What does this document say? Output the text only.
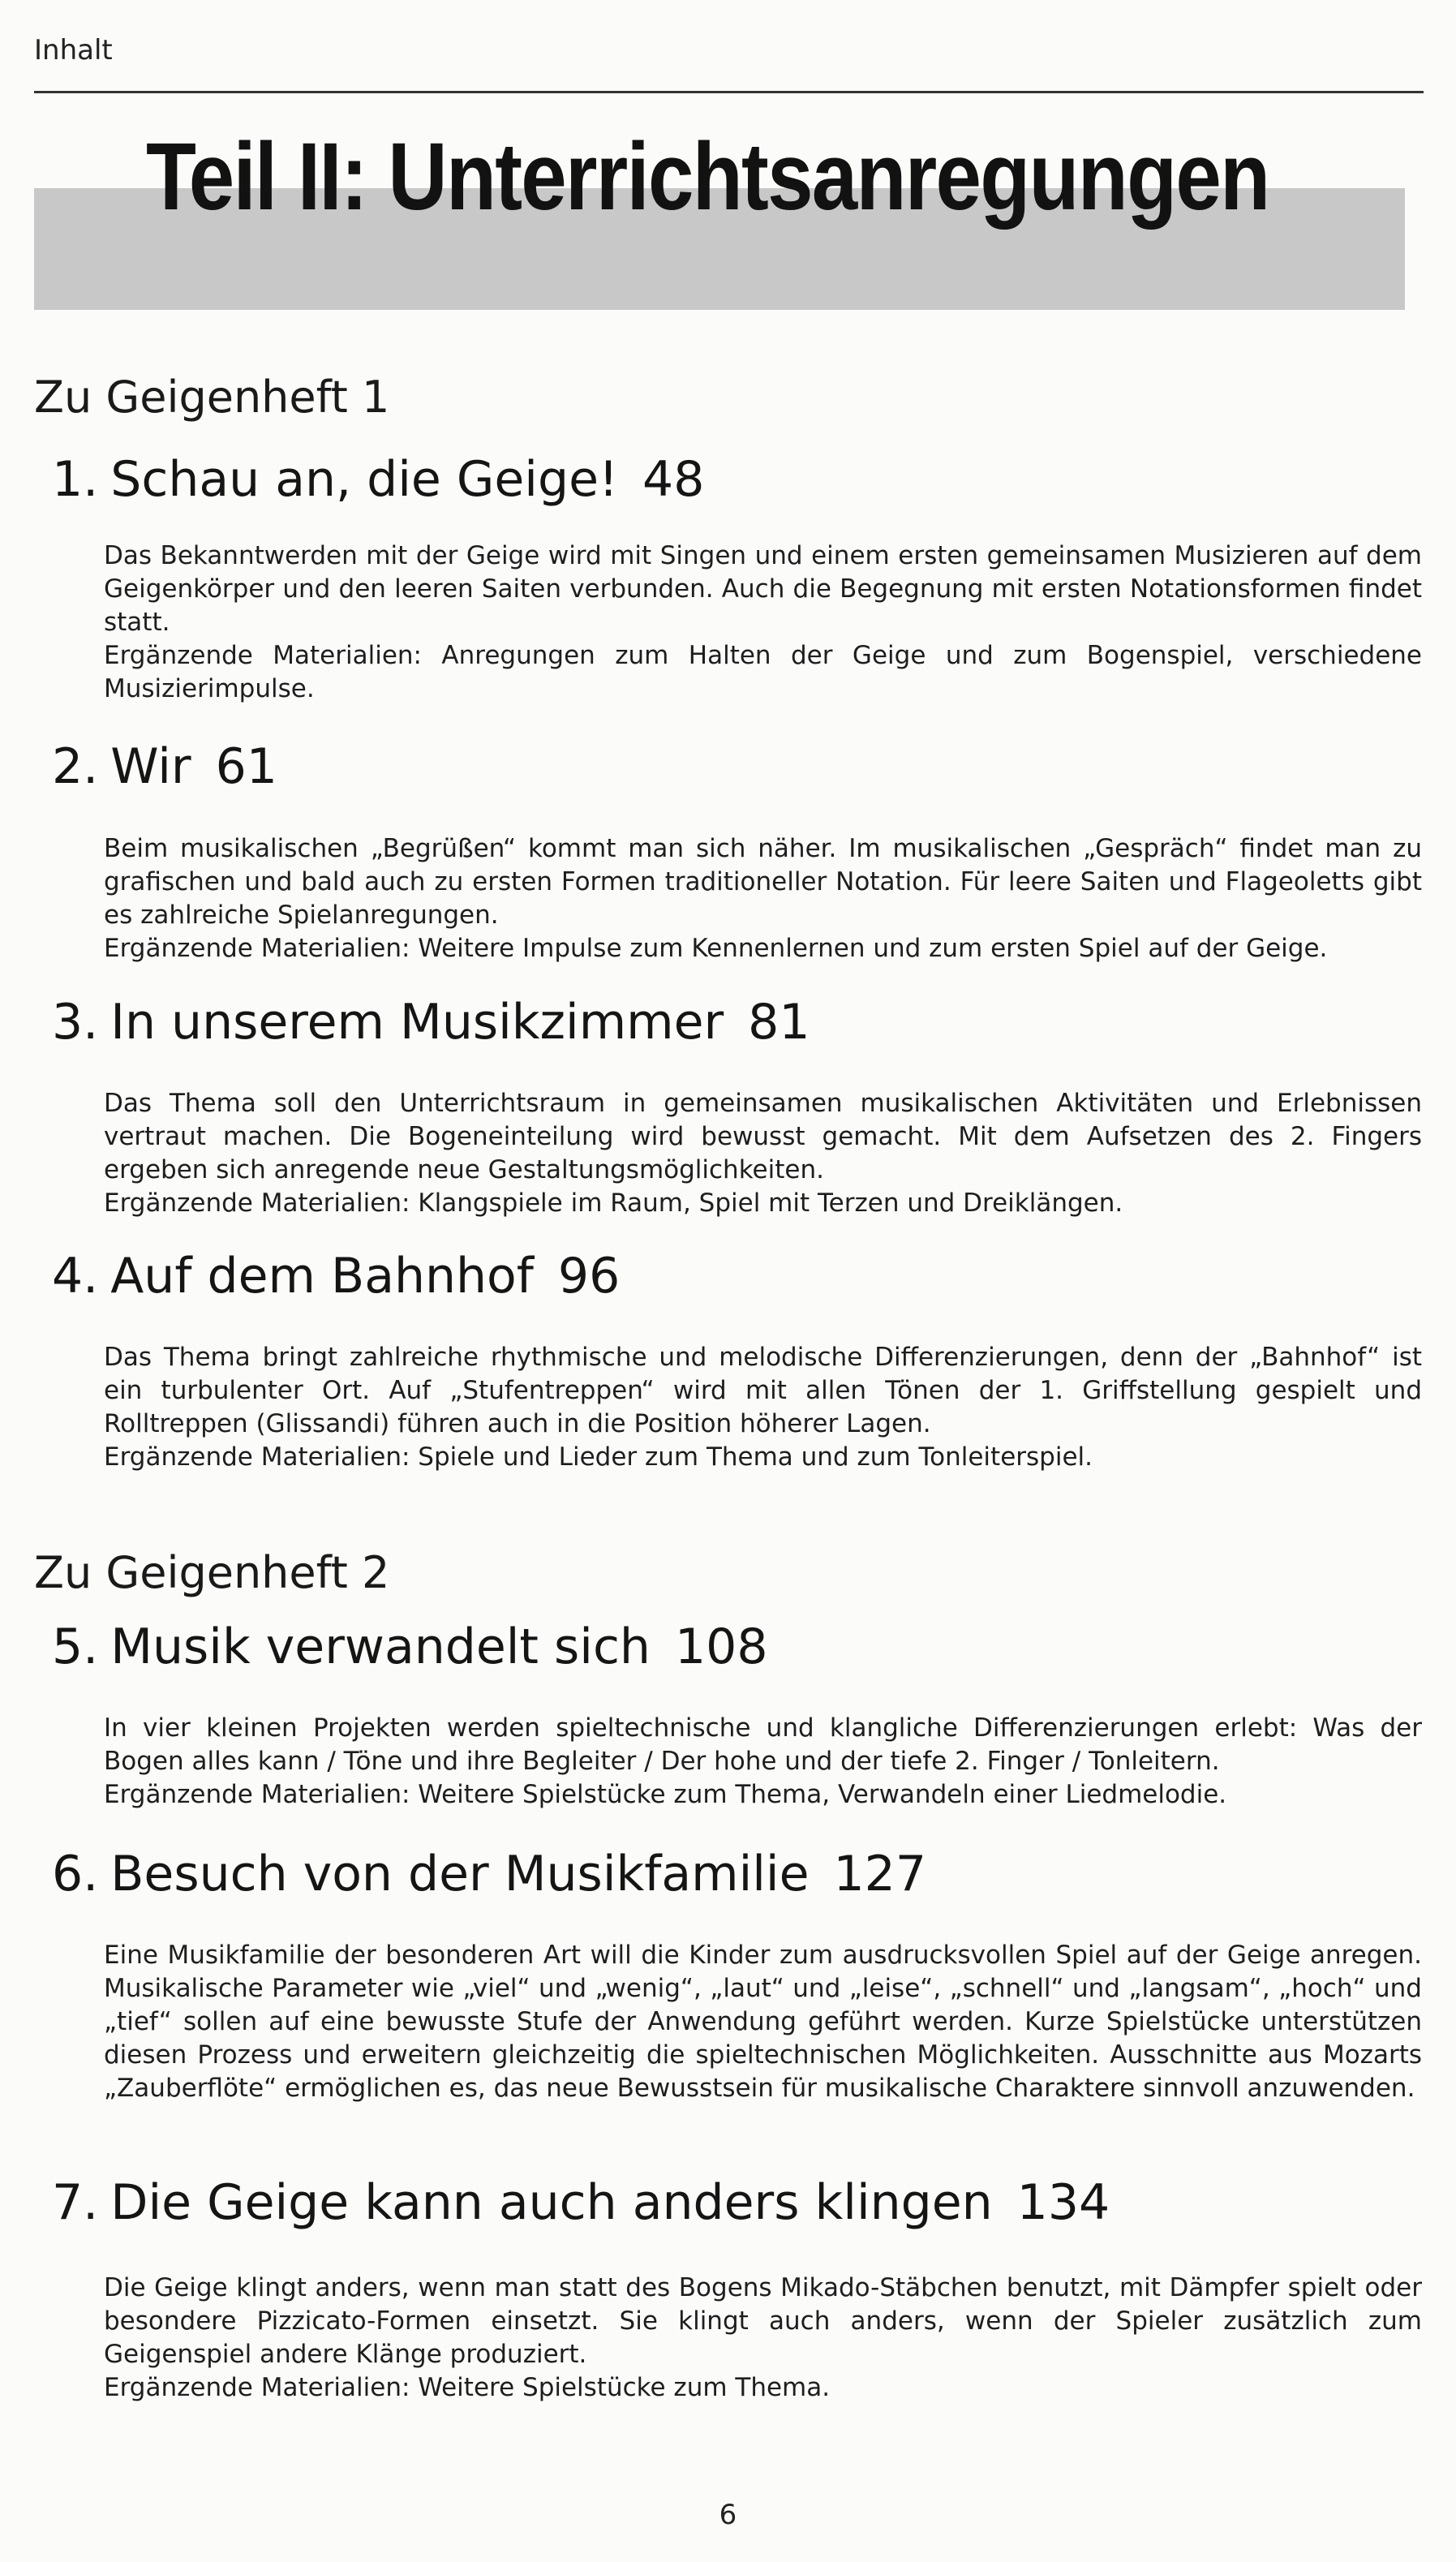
Inhalt
Teil II: Unterrichtsanregungen
Zu Geigenheft 1
1. Schau an, die Geige! 48

Das Bekanntwerden mit der Geige wird mit Singen und einem ersten gemeinsamen Musizieren auf dem Geigenkörper und den leeren Saiten verbunden. Auch die Begegnung mit ersten Notationsformen findet statt.

Ergänzende Materialien: Anregungen zum Halten der Geige und zum Bogenspiel, verschiedene Musizierimpulse.

2. Wir 61

Beim musikalischen „Begrüßen“ kommt man sich näher. Im musikalischen „Gespräch“ findet man zu grafischen und bald auch zu ersten Formen traditioneller Notation. Für leere Saiten und Flageoletts gibt es zahlreiche Spielanregungen.

Ergänzende Materialien: Weitere Impulse zum Kennenlernen und zum ersten Spiel auf der Geige.

3. In unserem Musikzimmer 81

Das Thema soll den Unterrichtsraum in gemeinsamen musikalischen Aktivitäten und Erlebnissen vertraut machen. Die Bogeneinteilung wird bewusst gemacht. Mit dem Aufsetzen des 2. Fingers ergeben sich anregende neue Gestaltungsmöglichkeiten.

Ergänzende Materialien: Klangspiele im Raum, Spiel mit Terzen und Dreiklängen.

4. Auf dem Bahnhof 96

Das Thema bringt zahlreiche rhythmische und melodische Differenzierungen, denn der „Bahnhof“ ist ein turbulenter Ort. Auf „Stufentreppen“ wird mit allen Tönen der 1. Griffstellung gespielt und Rolltreppen (Glissandi) führen auch in die Position höherer Lagen.

Ergänzende Materialien: Spiele und Lieder zum Thema und zum Tonleiterspiel.

Zu Geigenheft 2
5. Musik verwandelt sich 108

In vier kleinen Projekten werden spieltechnische und klangliche Differenzierungen erlebt: Was der Bogen alles kann / Töne und ihre Begleiter / Der hohe und der tiefe 2. Finger / Tonleitern.

Ergänzende Materialien: Weitere Spielstücke zum Thema, Verwandeln einer Liedmelodie.

6. Besuch von der Musikfamilie 127

Eine Musikfamilie der besonderen Art will die Kinder zum ausdrucksvollen Spiel auf der Geige anregen. Musikalische Parameter wie „viel“ und „wenig“, „laut“ und „leise“, „schnell“ und „langsam“, „hoch“ und „tief“ sollen auf eine bewusste Stufe der Anwendung geführt werden. Kurze Spielstücke unterstützen diesen Prozess und erweitern gleichzeitig die spieltechnischen Möglichkeiten. Ausschnitte aus Mozarts „Zauberflöte“ ermöglichen es, das neue Bewusstsein für musikalische Charaktere sinnvoll anzuwenden.

7. Die Geige kann auch anders klingen 134

Die Geige klingt anders, wenn man statt des Bogens Mikado-Stäbchen benutzt, mit Dämpfer spielt oder besondere Pizzicato-Formen einsetzt. Sie klingt auch anders, wenn der Spieler zusätzlich zum Geigenspiel andere Klänge produziert.

Ergänzende Materialien: Weitere Spielstücke zum Thema.

6
